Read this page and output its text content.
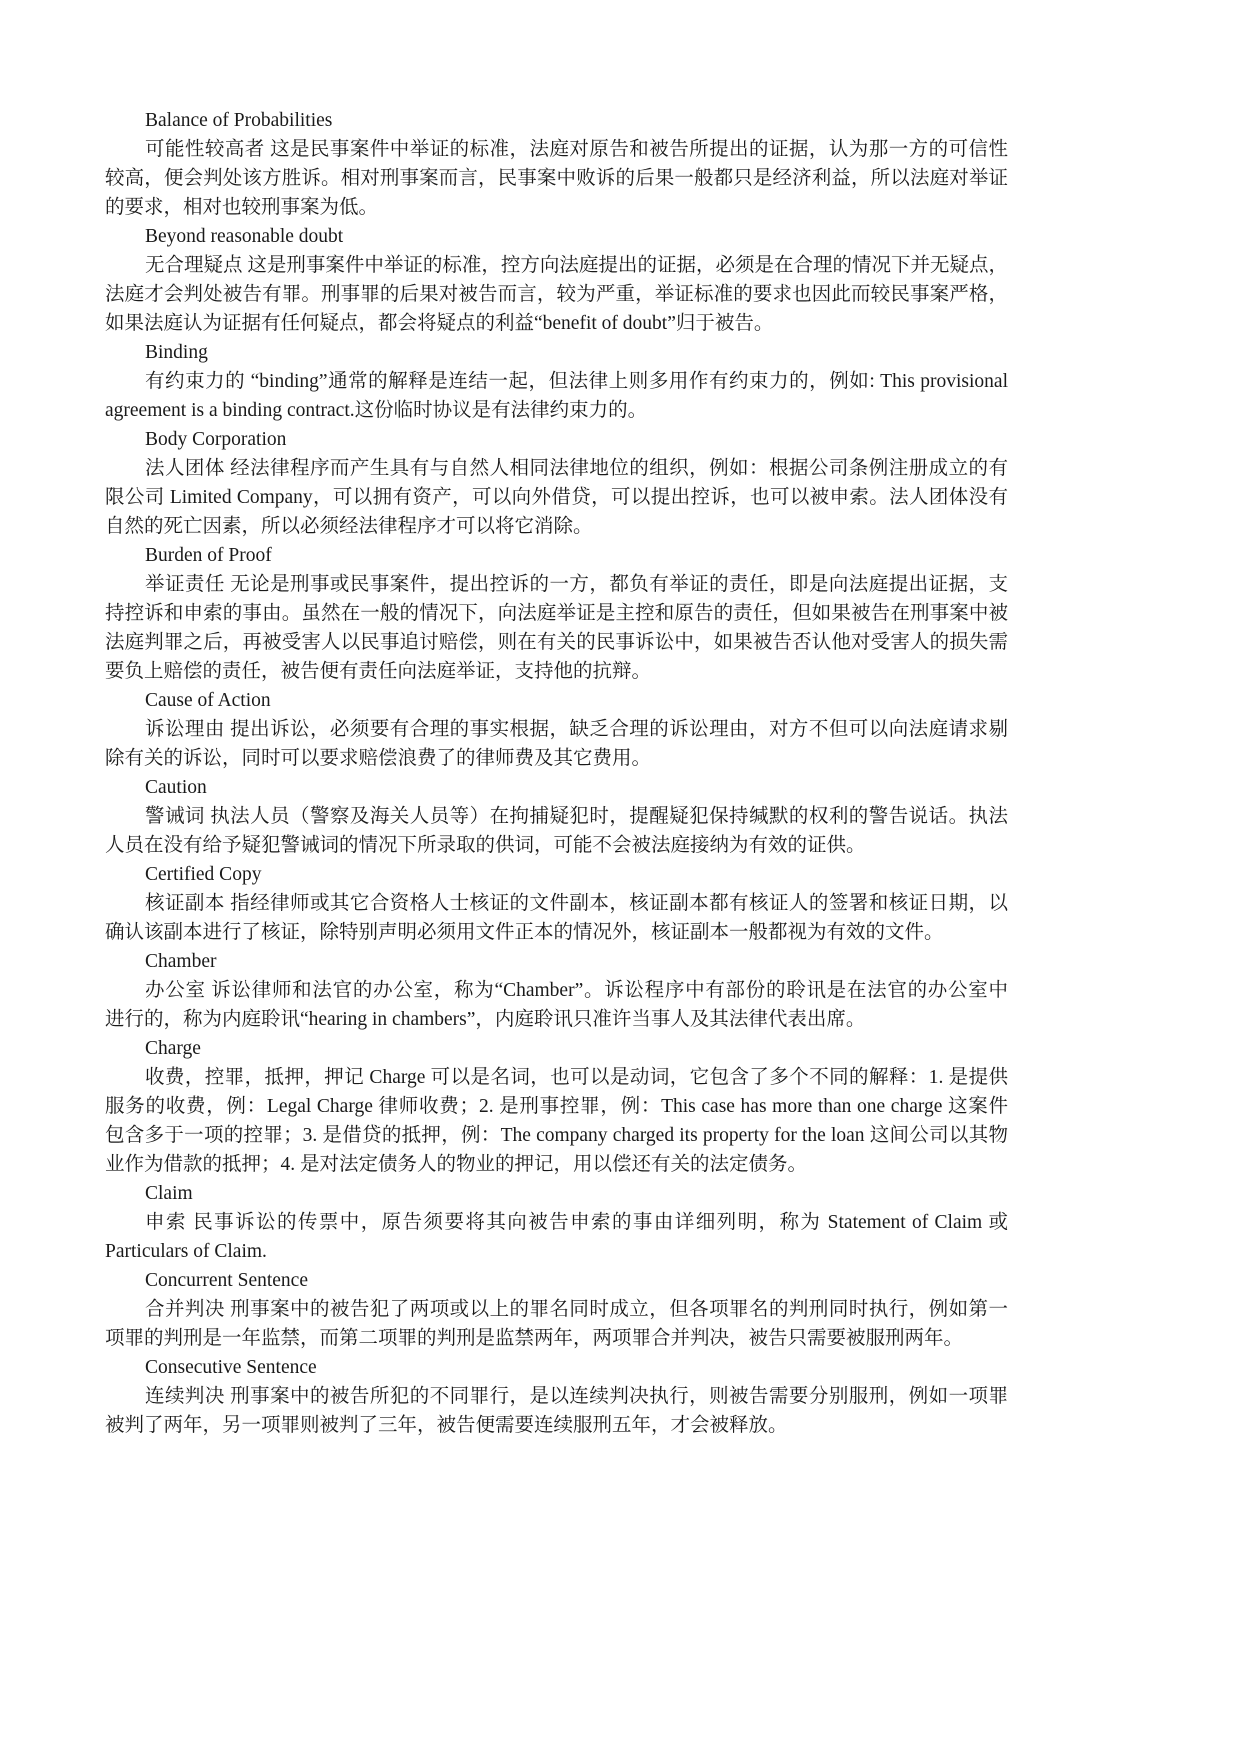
Balance of Probabilities
可能性较高者 这是民事案件中举证的标准，法庭对原告和被告所提出的证据，认为那一方的可信性
较高，便会判处该方胜诉。相对刑事案而言，民事案中败诉的后果一般都只是经济利益，所以法庭对举证
的要求，相对也较刑事案为低。
Beyond reasonable doubt
无合理疑点 这是刑事案件中举证的标准，控方向法庭提出的证据，必须是在合理的情况下并无疑点，
法庭才会判处被告有罪。刑事罪的后果对被告而言，较为严重，举证标准的要求也因此而较民事案严格，
如果法庭认为证据有任何疑点，都会将疑点的利益“benefit of doubt”归于被告。
Binding
有约束力的 “binding”通常的解释是连结一起，但法律上则多用作有约束力的，例如: This provisional
agreement is a binding contract.这份临时协议是有法律约束力的。
Body Corporation
法人团体 经法律程序而产生具有与自然人相同法律地位的组织，例如：根据公司条例注册成立的有
限公司 Limited Company，可以拥有资产，可以向外借贷，可以提出控诉，也可以被申索。法人团体没有
自然的死亡因素，所以必须经法律程序才可以将它消除。
Burden of Proof
举证责任 无论是刑事或民事案件，提出控诉的一方，都负有举证的责任，即是向法庭提出证据，支
持控诉和申索的事由。虽然在一般的情况下，向法庭举证是主控和原告的责任，但如果被告在刑事案中被
法庭判罪之后，再被受害人以民事追讨赔偿，则在有关的民事诉讼中，如果被告否认他对受害人的损失需
要负上赔偿的责任，被告便有责任向法庭举证，支持他的抗辩。
Cause of Action
诉讼理由 提出诉讼，必须要有合理的事实根据，缺乏合理的诉讼理由，对方不但可以向法庭请求剔
除有关的诉讼，同时可以要求赔偿浪费了的律师费及其它费用。
Caution
警诫词 执法人员（警察及海关人员等）在拘捕疑犯时，提醒疑犯保持缄默的权利的警告说话。执法
人员在没有给予疑犯警诫词的情况下所录取的供词，可能不会被法庭接纳为有效的证供。
Certified Copy
核证副本 指经律师或其它合资格人士核证的文件副本，核证副本都有核证人的签署和核证日期，以
确认该副本进行了核证，除特别声明必须用文件正本的情况外，核证副本一般都视为有效的文件。
Chamber
办公室 诉讼律师和法官的办公室，称为“Chamber”。诉讼程序中有部份的聆讯是在法官的办公室中
进行的，称为内庭聆讯“hearing in chambers”，内庭聆讯只准许当事人及其法律代表出席。
Charge
收费，控罪，抵押，押记 Charge 可以是名词，也可以是动词，它包含了多个不同的解释：1. 是提供
服务的收费，例：Legal Charge 律师收费；2. 是刑事控罪，例：This case has more than one charge 这案件
包含多于一项的控罪；3. 是借贷的抵押，例：The company charged its property for the loan 这间公司以其物
业作为借款的抵押；4. 是对法定债务人的物业的押记，用以偿还有关的法定债务。
Claim
申索 民事诉讼的传票中，原告须要将其向被告申索的事由详细列明，称为 Statement of Claim 或
Particulars of Claim.
Concurrent Sentence
合并判决 刑事案中的被告犯了两项或以上的罪名同时成立，但各项罪名的判刑同时执行，例如第一
项罪的判刑是一年监禁，而第二项罪的判刑是监禁两年，两项罪合并判决，被告只需要被服刑两年。
Consecutive Sentence
连续判决 刑事案中的被告所犯的不同罪行，是以连续判决执行，则被告需要分别服刑，例如一项罪
被判了两年，另一项罪则被判了三年，被告便需要连续服刑五年，才会被释放。
